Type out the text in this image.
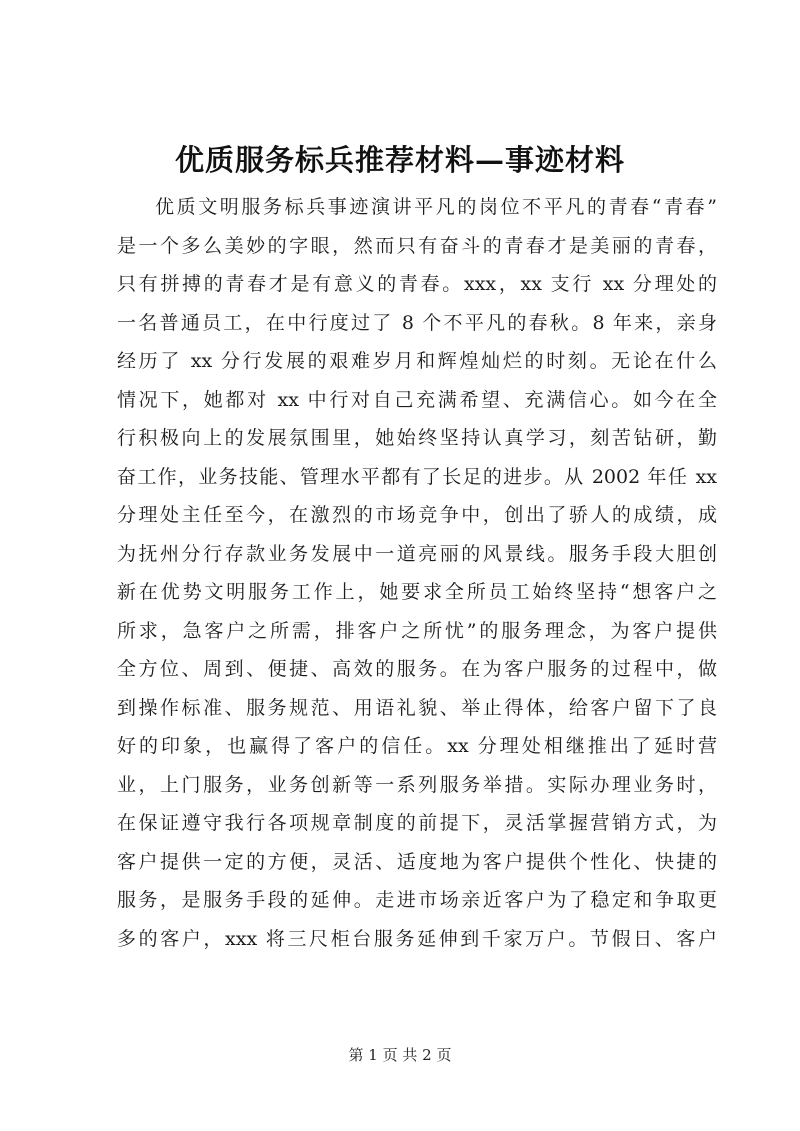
优质服务标兵推荐材料—事迹材料
优质文明服务标兵事迹演讲平凡的岗位不平凡的青春“青春”
是一个多么美妙的字眼，然而只有奋斗的青春才是美丽的青春，
只有拼搏的青春才是有意义的青春。xxx，xx 支行 xx 分理处的
一名普通员工，在中行度过了 8 个不平凡的春秋。8 年来，亲身
经历了 xx 分行发展的艰难岁月和辉煌灿烂的时刻。无论在什么
情况下，她都对 xx 中行对自己充满希望、充满信心。如今在全
行积极向上的发展氛围里，她始终坚持认真学习，刻苦钻研，勤
奋工作，业务技能、管理水平都有了长足的进步。从 2002 年任 xx
分理处主任至今，在激烈的市场竞争中，创出了骄人的成绩，成
为抚州分行存款业务发展中一道亮丽的风景线。服务手段大胆创
新在优势文明服务工作上，她要求全所员工始终坚持“想客户之
所求，急客户之所需，排客户之所忧”的服务理念，为客户提供
全方位、周到、便捷、高效的服务。在为客户服务的过程中，做
到操作标准、服务规范、用语礼貌、举止得体，给客户留下了良
好的印象，也赢得了客户的信任。xx 分理处相继推出了延时营
业，上门服务，业务创新等一系列服务举措。实际办理业务时，
在保证遵守我行各项规章制度的前提下，灵活掌握营销方式，为
客户提供一定的方便，灵活、适度地为客户提供个性化、快捷的
服务，是服务手段的延伸。走进市场亲近客户为了稳定和争取更
多的客户，xxx 将三尺柜台服务延伸到千家万户。节假日、客户
第 1 页 共 2 页
